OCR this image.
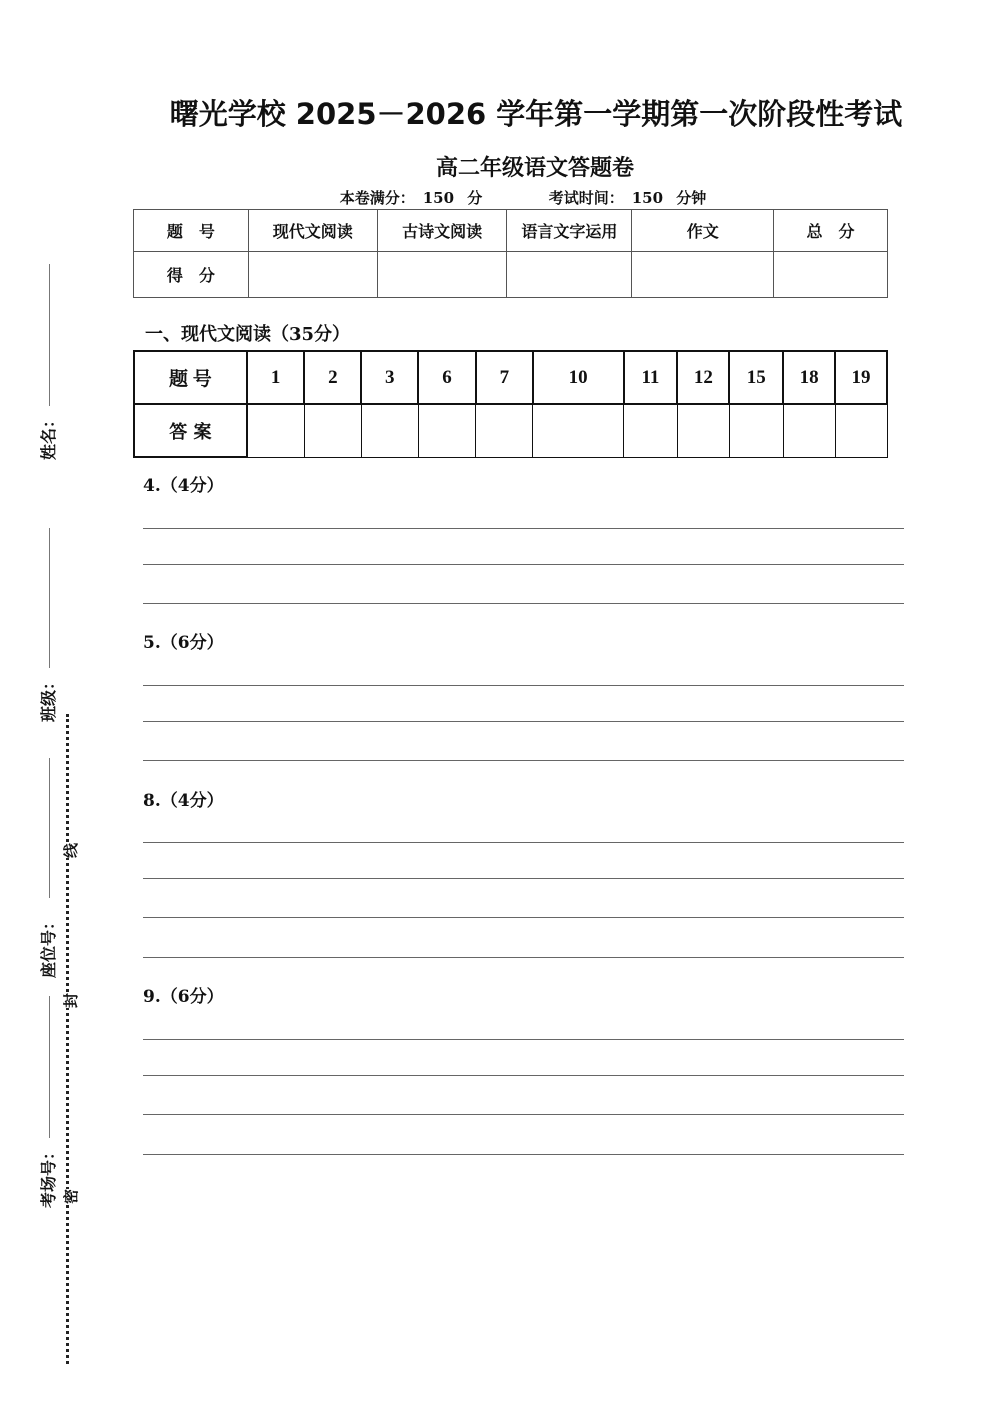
曙光学校 2025－2026 学年第一学期第一次阶段性考试
高二年级语文答题卷
本卷满分： 150 分	考试时间： 150 分钟
题　号	现代文阅读	古诗文阅读	语言文字运用	作文	总　分
得　分					
一、现代文阅读（35分）
题 号	1	2	3	6	7	10	11	12	15	18	19
答 案											
4.（4分）
5.（6分）
8.（4分）
9.（6分）
姓名：
班级：
座位号：
考场号：
线
封
密
